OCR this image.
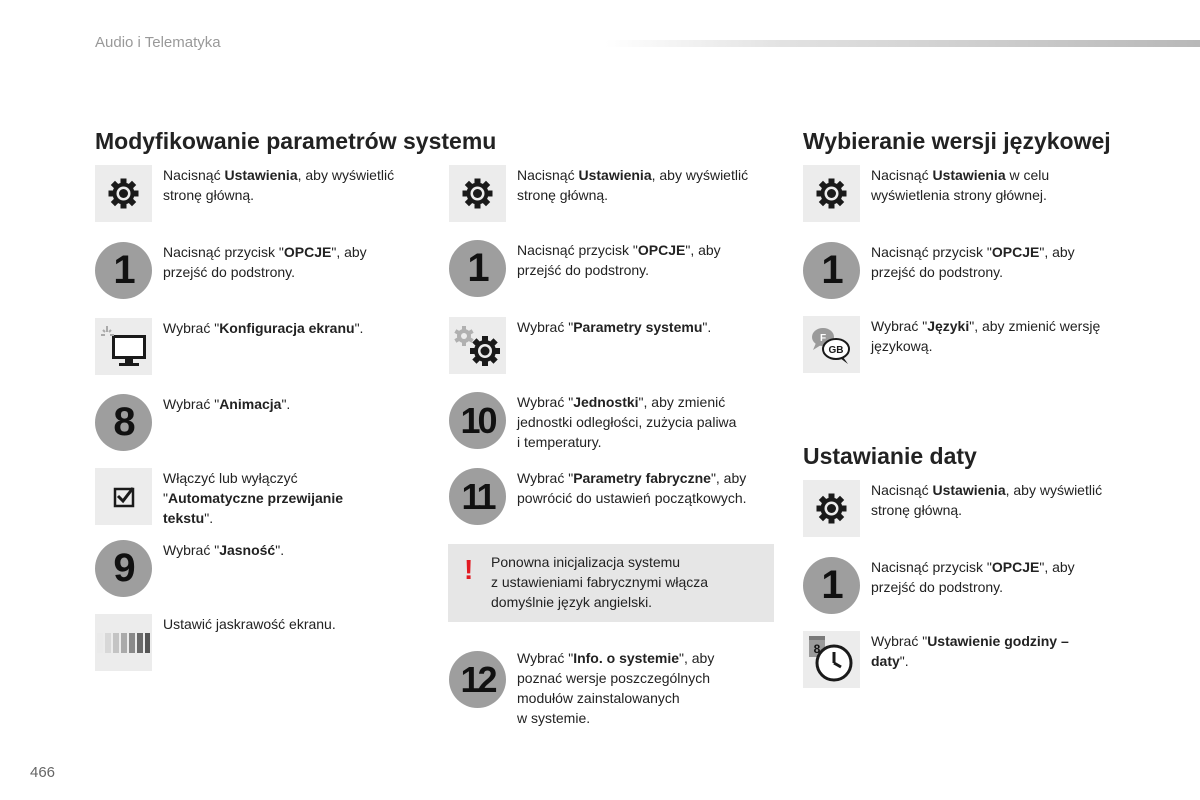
Audio i Telematyka
Modyfikowanie parametrów systemu
Nacisnąć Ustawienia, aby wyświetlić
stronę główną.
1	Nacisnąć przycisk "OPCJE", aby
przejść do podstrony.
Wybrać "Konfiguracja ekranu".
8	Wybrać "Animacja".
Włączyć lub wyłączyć
"Automatyczne przewijanie
tekstu".
9	Wybrać "Jasność".
Ustawić jaskrawość ekranu.
Nacisnąć Ustawienia, aby wyświetlić
stronę główną.
1	Nacisnąć przycisk "OPCJE", aby
przejść do podstrony.
Wybrać "Parametry systemu".
10	Wybrać "Jednostki", aby zmienić
jednostki odległości, zużycia paliwa
i temperatury.
11	Wybrać "Parametry fabryczne", aby
powrócić do ustawień początkowych.
! Ponowna inicjalizacja systemu
z ustawieniami fabrycznymi włącza
domyślnie język angielski.
12
Wybrać "Info. o systemie", aby
poznać wersje poszczególnych
modułów zainstalowanych
w systemie.
Wybieranie wersji językowej
Nacisnąć Ustawienia w celu
wyświetlenia strony głównej.
1	Nacisnąć przycisk "OPCJE", aby
przejść do podstrony.
F
GB
Wybrać "Języki", aby zmienić wersję
językową.
Ustawianie daty
Nacisnąć Ustawienia, aby wyświetlić
stronę główną.
1	Nacisnąć przycisk "OPCJE", aby
przejść do podstrony.
8	Wybrać "Ustawienie godziny –
daty".
466
